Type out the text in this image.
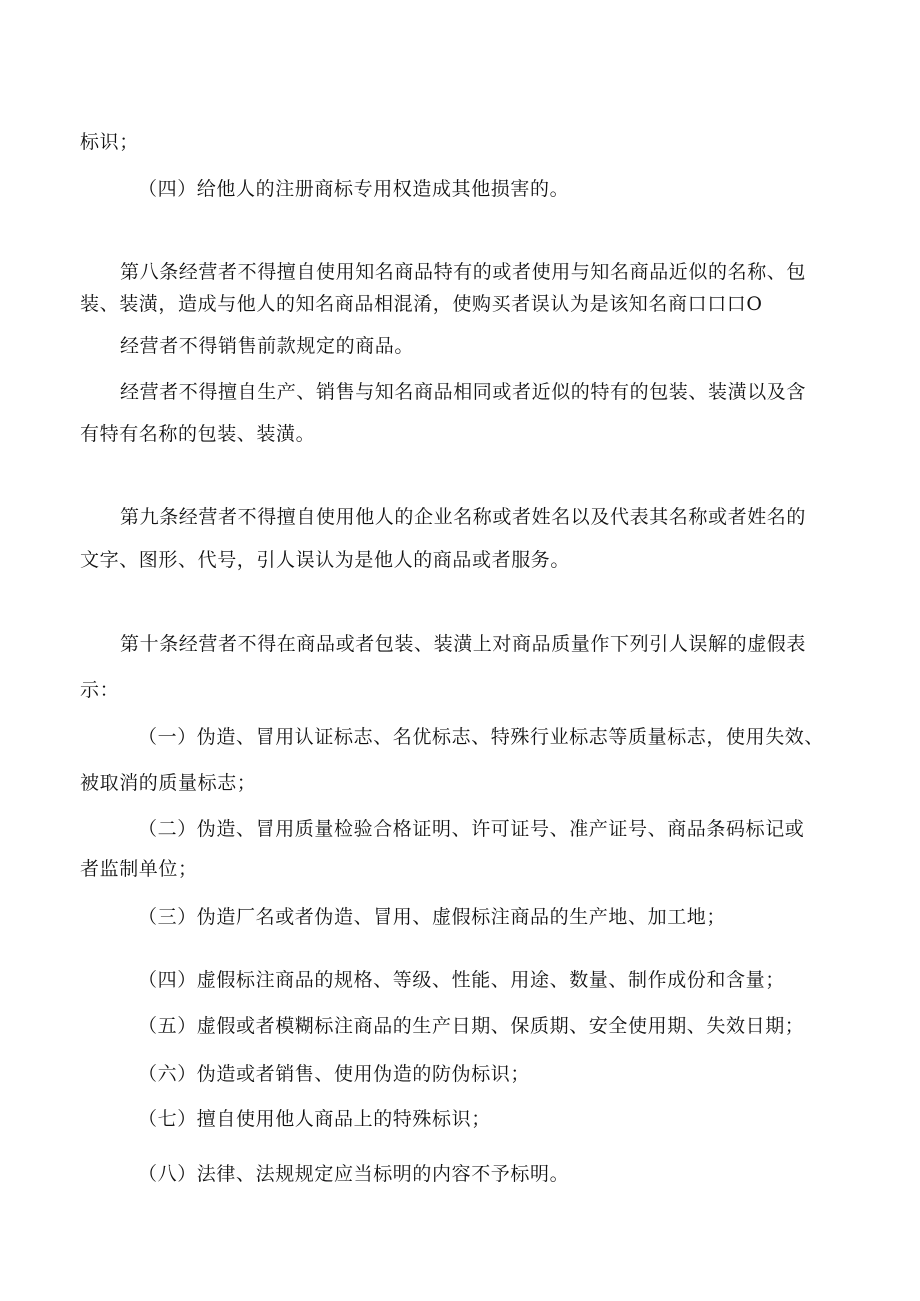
标识；
（四）给他人的注册商标专用权造成其他损害的。
第八条经营者不得擅自使用知名商品特有的或者使用与知名商品近似的名称、包
装、装潢，造成与他人的知名商品相混淆，使购买者误认为是该知名商口口口O
经营者不得销售前款规定的商品。
经营者不得擅自生产、销售与知名商品相同或者近似的特有的包装、装潢以及含
有特有名称的包装、装潢。
第九条经营者不得擅自使用他人的企业名称或者姓名以及代表其名称或者姓名的
文字、图形、代号，引人误认为是他人的商品或者服务。
第十条经营者不得在商品或者包装、装潢上对商品质量作下列引人误解的虚假表
示：
（一）伪造、冒用认证标志、名优标志、特殊行业标志等质量标志，使用失效、
被取消的质量标志；
（二）伪造、冒用质量检验合格证明、许可证号、准产证号、商品条码标记或
者监制单位；
（三）伪造厂名或者伪造、冒用、虚假标注商品的生产地、加工地；
（四）虚假标注商品的规格、等级、性能、用途、数量、制作成份和含量；
（五）虚假或者模糊标注商品的生产日期、保质期、安全使用期、失效日期；
（六）伪造或者销售、使用伪造的防伪标识；
（七）擅自使用他人商品上的特殊标识；
（八）法律、法规规定应当标明的内容不予标明。
